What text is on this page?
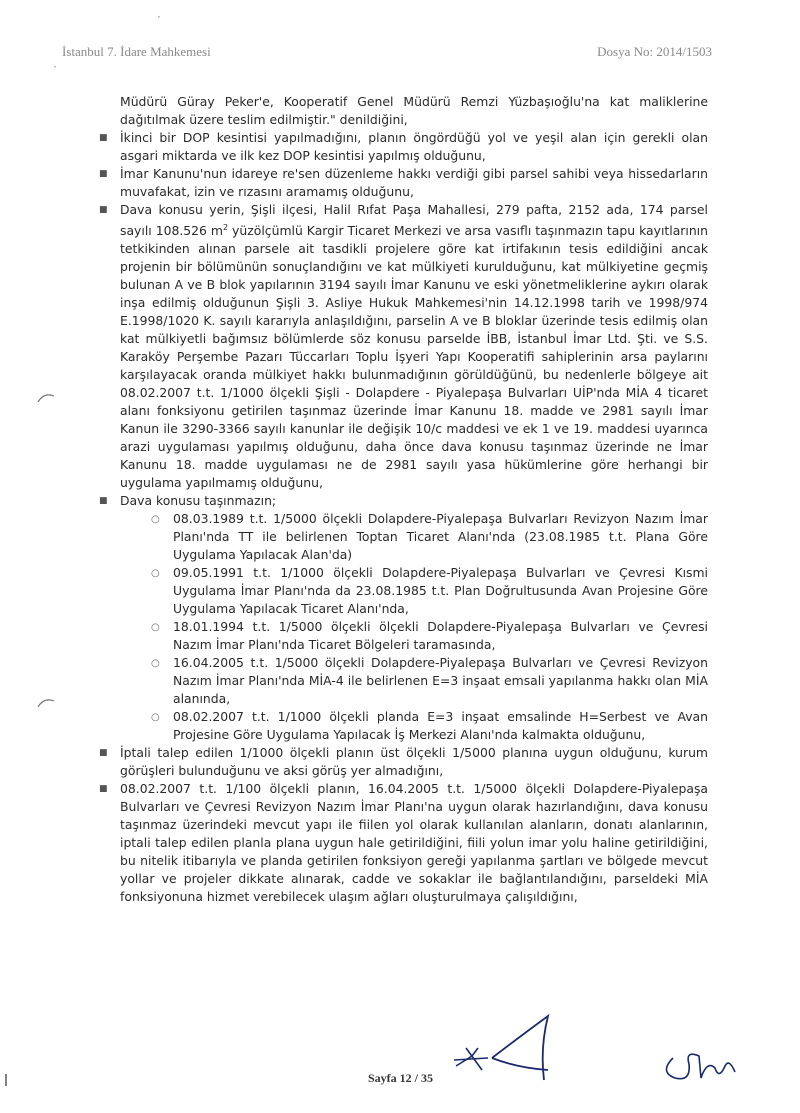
İstanbul 7. İdare Mahkemesi	Dosya No: 2014/1503
·
·

Müdürü Güray Peker'e, Kooperatif Genel Müdürü Remzi Yüzbaşıoğlu'na kat maliklerine dağıtılmak üzere teslim edilmiştir." denildiğini,

■ İkinci bir DOP kesintisi yapılmadığını, planın öngördüğü yol ve yeşil alan için gerekli olan asgari miktarda ve ilk kez DOP kesintisi yapılmış olduğunu,
■ İmar Kanunu'nun idareye re'sen düzenleme hakkı verdiği gibi parsel sahibi veya hissedarların muvafakat, izin ve rızasını aramamış olduğunu,
■ Dava konusu yerin, Şişli ilçesi, Halil Rıfat Paşa Mahallesi, 279 pafta, 2152 ada, 174 parsel sayılı 108.526 $m^2$ yüzölçümlü Kargir Ticaret Merkezi ve arsa vasıflı taşınmazın tapu kayıtlarının tetkikinden alınan parsele ait tasdikli projelere göre kat irtifakının tesis edildiğini ancak projenin bir bölümünün sonuçlandığını ve kat mülkiyeti kurulduğunu, kat mülkiyetine geçmiş bulunan A ve B blok yapılarının 3194 sayılı İmar Kanunu ve eski yönetmeliklerine aykırı olarak inşa edilmiş olduğunun Şişli 3. Asliye Hukuk Mahkemesi'nin 14.12.1998 tarih ve 1998/974 E.1998/1020 K. sayılı kararıyla anlaşıldığını, parselin A ve B bloklar üzerinde tesis edilmiş olan kat mülkiyetli bağımsız bölümlerde söz konusu parselde İBB, İstanbul İmar Ltd. Şti. ve S.S. Karaköy Perşembe Pazarı Tüccarları Toplu İşyeri Yapı Kooperatifi sahiplerinin arsa paylarını karşılayacak oranda mülkiyet hakkı bulunmadığının görüldüğünü, bu nedenlerle bölgeye ait 08.02.2007 t.t. 1/1000 ölçekli Şişli - Dolapdere - Piyalepaşa Bulvarları UİP'nda MİA 4 ticaret alanı fonksiyonu getirilen taşınmaz üzerinde İmar Kanunu 18. madde ve 2981 sayılı İmar Kanun ile 3290-3366 sayılı kanunlar ile değişik 10/c maddesi ve ek 1 ve 19. maddesi uyarınca arazi uygulaması yapılmış olduğunu, daha önce dava konusu taşınmaz üzerinde ne İmar Kanunu 18. madde uygulaması ne de 2981 sayılı yasa hükümlerine göre herhangi bir uygulama yapılmamış olduğunu,
■ Dava konusu taşınmazın;
○ 08.03.1989 t.t. 1/5000 ölçekli Dolapdere-Piyalepaşa Bulvarları Revizyon Nazım İmar Planı'nda TT ile belirlenen Toptan Ticaret Alanı'nda (23.08.1985 t.t. Plana Göre Uygulama Yapılacak Alan'da)
○ 09.05.1991 t.t. 1/1000 ölçekli Dolapdere-Piyalepaşa Bulvarları ve Çevresi Kısmi Uygulama İmar Planı'nda da 23.08.1985 t.t. Plan Doğrultusunda Avan Projesine Göre Uygulama Yapılacak Ticaret Alanı'nda,
○ 18.01.1994 t.t. 1/5000 ölçekli ölçekli Dolapdere-Piyalepaşa Bulvarları ve Çevresi Nazım İmar Planı'nda Ticaret Bölgeleri taramasında,
○ 16.04.2005 t.t. 1/5000 ölçekli Dolapdere-Piyalepaşa Bulvarları ve Çevresi Revizyon Nazım İmar Planı'nda MİA-4 ile belirlenen E=3 inşaat emsali yapılanma hakkı olan MİA alanında,
○ 08.02.2007 t.t. 1/1000 ölçekli planda E=3 inşaat emsalinde H=Serbest ve Avan Projesine Göre Uygulama Yapılacak İş Merkezi Alanı'nda kalmakta olduğunu,
■ İptali talep edilen 1/1000 ölçekli planın üst ölçekli 1/5000 planına uygun olduğunu, kurum görüşleri bulunduğunu ve aksi görüş yer almadığını,
■ 08.02.2007 t.t. 1/100 ölçekli planın, 16.04.2005 t.t. 1/5000 ölçekli Dolapdere-Piyalepaşa Bulvarları ve Çevresi Revizyon Nazım İmar Planı'na uygun olarak hazırlandığını, dava konusu taşınmaz üzerindeki mevcut yapı ile fiilen yol olarak kullanılan alanların, donatı alanlarının, iptali talep edilen planla plana uygun hale getirildiğini, fiili yolun imar yolu haline getirildiğini, bu nitelik itibarıyla ve planda getirilen fonksiyon gereği yapılanma şartları ve bölgede mevcut yollar ve projeler dikkate alınarak, cadde ve sokaklar ile bağlantılandığını, parseldeki MİA fonksiyonuna hizmet verebilecek ulaşım ağları oluşturulmaya çalışıldığını,
Sayfa 12 / 35
